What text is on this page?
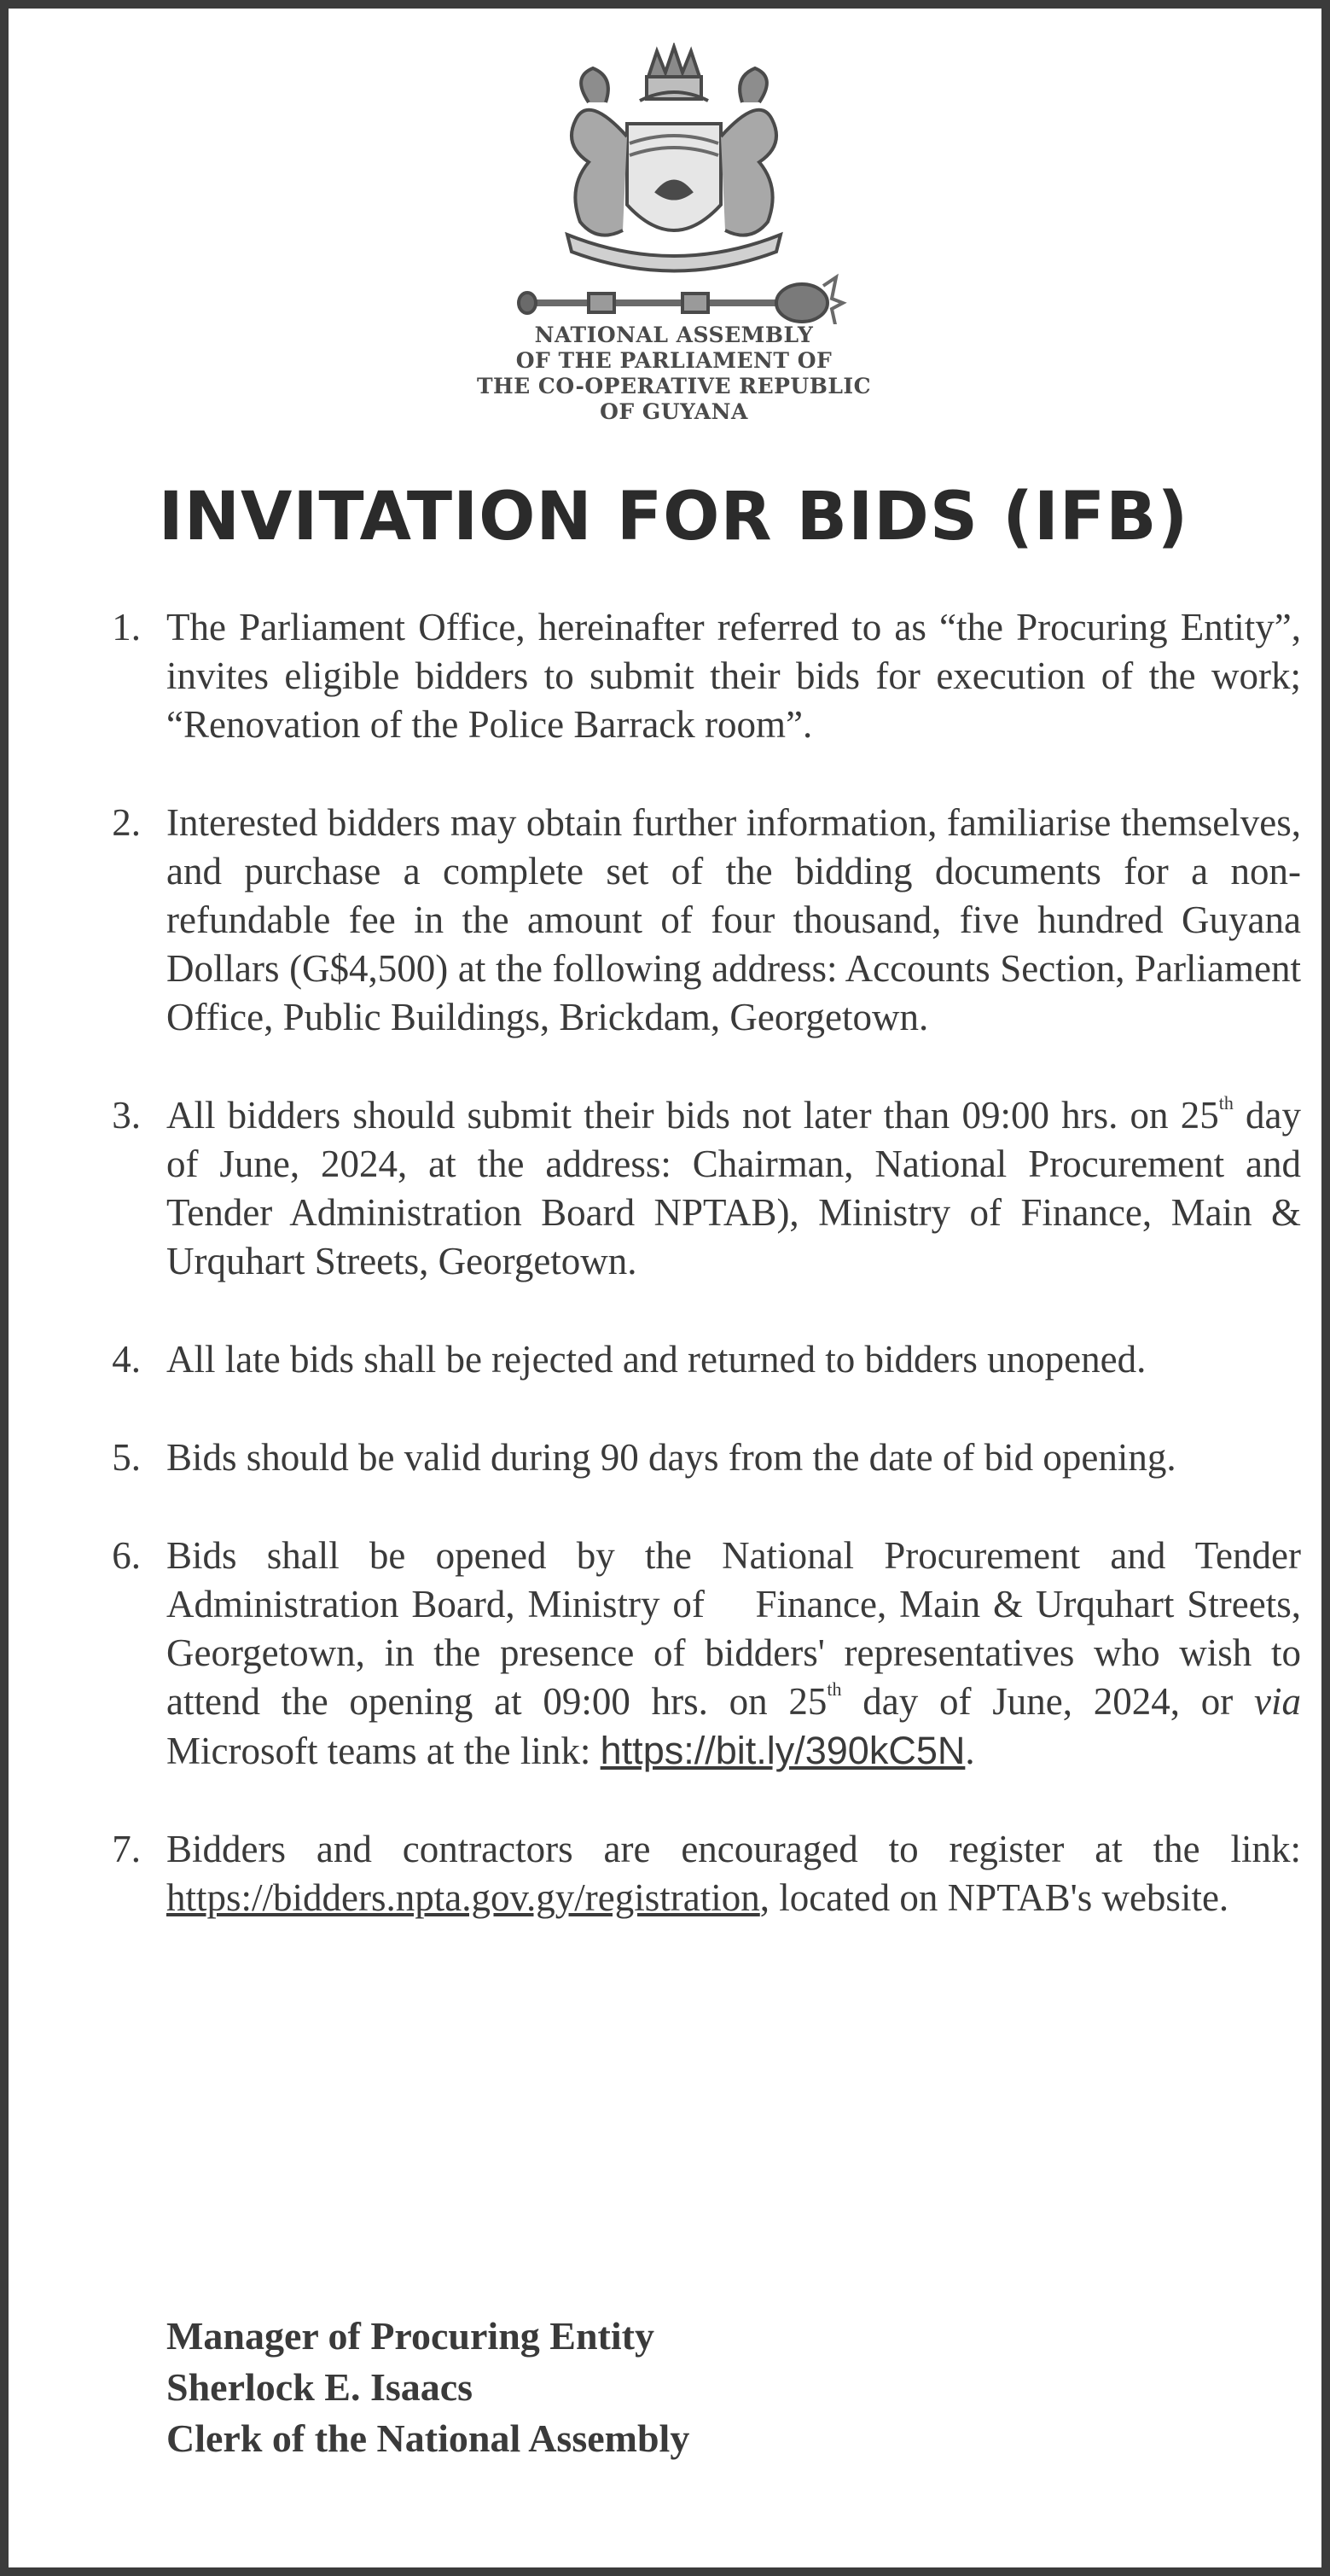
NATIONAL ASSEMBLY
OF THE PARLIAMENT OF
THE CO-OPERATIVE REPUBLIC
OF GUYANA
INVITATION FOR BIDS (IFB)
1 . The Parliament Office, hereinafter referred to as “the Procuring Entity”, invites eligible bidders to submit their bids for execution of the work; “Renovation of the Police Barrack room”.
2 . Interested bidders may obtain further information, familiarise themselves, and purchase a complete set of the bidding documents for a non-refundable fee in the amount of four thousand, five hundred Guyana Dollars (G$4,500) at the following address: Accounts Section, Parliament Office, Public Buildings, Brickdam, Georgetown.
3 . All bidders should submit their bids not later than 09:00 hrs. on 25th day of June, 2024, at the address: Chairman, National Procurement and Tender Administration Board NPTAB), Ministry of Finance, Main & Urquhart Streets, Georgetown.
4 . All late bids shall be rejected and returned to bidders unopened.
5 . Bids should be valid during 90 days from the date of bid opening.
6 . Bids shall be opened by the National Procurement and Tender Administration Board, Ministry of    Finance, Main & Urquhart Streets, Georgetown, in the presence of bidders' representatives who wish to attend the opening at 09:00 hrs. on 25th day of June, 2024, or via Microsoft teams at the link: https://bit.ly/390kC5N.
7 . Bidders and contractors are encouraged to register at the link: https://bidders.npta.gov.gy/registration, located on NPTAB's website.
Manager of Procuring Entity
Sherlock E. Isaacs
Clerk of the National Assembly
